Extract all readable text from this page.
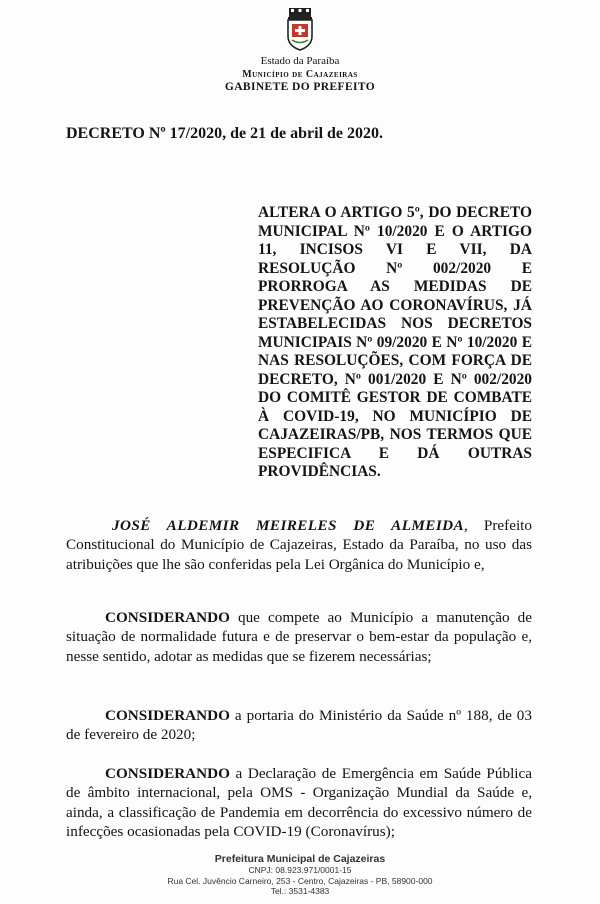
Estado da Paraíba
Município de Cajazeiras
GABINETE DO PREFEITO
DECRETO Nº 17/2020, de 21 de abril de 2020.
ALTERA O ARTIGO 5º, DO DECRETO MUNICIPAL Nº 10/2020 E O ARTIGO 11, INCISOS VI E VII, DA RESOLUÇÃO Nº 002/2020 E PRORROGA AS MEDIDAS DE PREVENÇÃO AO CORONAVÍRUS, JÁ ESTABELECIDAS NOS DECRETOS MUNICIPAIS Nº 09/2020 E Nº 10/2020 E NAS RESOLUÇÕES, COM FORÇA DE DECRETO, Nº 001/2020 E Nº 002/2020 DO COMITÊ GESTOR DE COMBATE À COVID-19, NO MUNICÍPIO DE CAJAZEIRAS/PB, NOS TERMOS QUE ESPECIFICA E DÁ OUTRAS PROVIDÊNCIAS.
JOSÉ ALDEMIR MEIRELES DE ALMEIDA, Prefeito Constitucional do Município de Cajazeiras, Estado da Paraíba, no uso das atribuições que lhe são conferidas pela Lei Orgânica do Município e,
CONSIDERANDO que compete ao Município a manutenção de situação de normalidade futura e de preservar o bem-estar da população e, nesse sentido, adotar as medidas que se fizerem necessárias;
CONSIDERANDO a portaria do Ministério da Saúde nº 188, de 03 de fevereiro de 2020;
CONSIDERANDO a Declaração de Emergência em Saúde Pública de âmbito internacional, pela OMS - Organização Mundial da Saúde e, ainda, a classificação de Pandemia em decorrência do excessivo número de infecções ocasionadas pela COVID-19 (Coronavírus);
Prefeitura Municipal de Cajazeiras
CNPJ: 08.923.971/0001-15
Rua Cel. Juvêncio Carneiro, 253 - Centro, Cajazeiras - PB, 58900-000
Tel.: 3531-4383
